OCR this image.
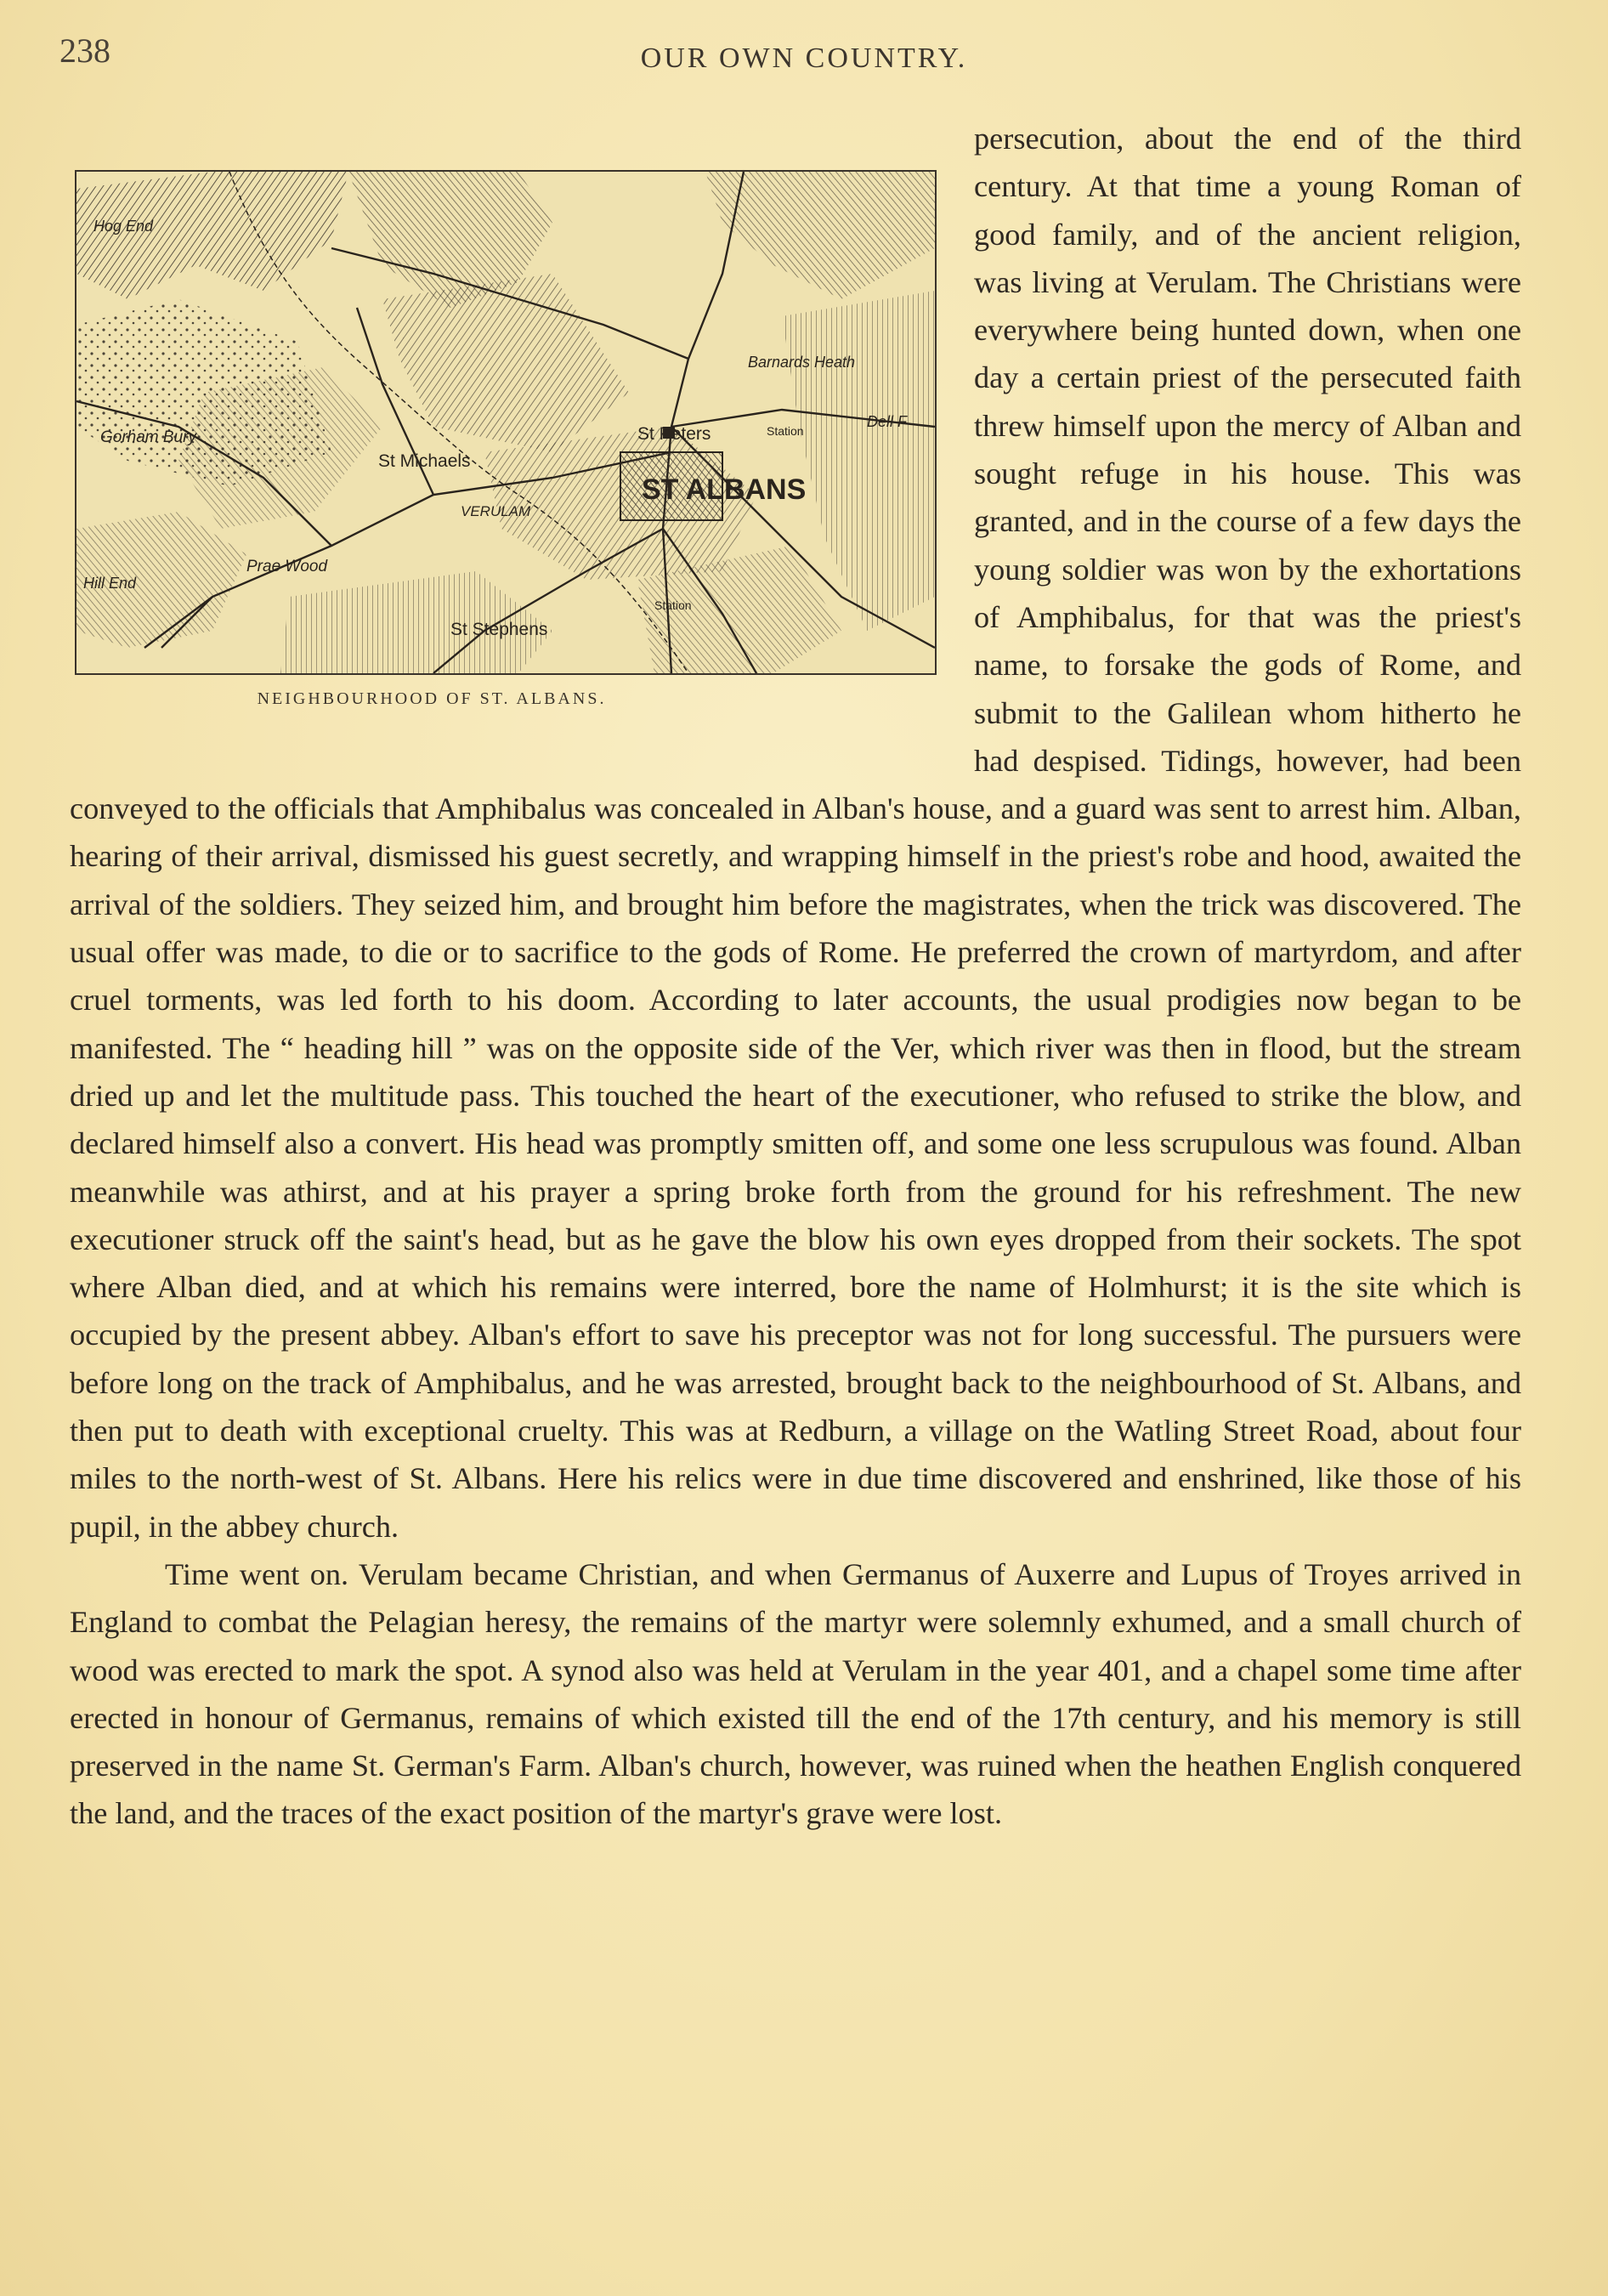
238	OUR OWN COUNTRY.
ST ALBANS
St Peters
St Michaels
St Stephens
VERULAM
Gorham Bury
Barnards Heath
Dell F
Station
Station
Hog End
Hill End
Prae Wood
NEIGHBOURHOOD OF ST. ALBANS.

persecution, about the end of the third century. At that time a young Roman of good family, and of the ancient religion, was living at Verulam. The Christians were everywhere being hunted down, when one day a certain priest of the persecuted faith threw himself upon the mercy of Alban and sought refuge in his house. This was granted, and in the course of a few days the young soldier was won by the exhortations of Amphibalus, for that was the priest's name, to forsake the gods of Rome, and submit to the Galilean whom hitherto he had despised. Tidings, however, had been conveyed to the officials that Amphibalus was concealed in Alban's house, and a guard was sent to arrest him. Alban, hearing of their arrival, dismissed his guest secretly, and wrapping himself in the priest's robe and hood, awaited the arrival of the soldiers. They seized him, and brought him before the magistrates, when the trick was discovered. The usual offer was made, to die or to sacrifice to the gods of Rome. He preferred the crown of martyrdom, and after cruel torments, was led forth to his doom. According to later accounts, the usual prodigies now began to be manifested. The “ heading hill ” was on the opposite side of the Ver, which river was then in flood, but the stream dried up and let the multitude pass. This touched the heart of the executioner, who refused to strike the blow, and declared himself also a convert. His head was promptly smitten off, and some one less scrupulous was found. Alban meanwhile was athirst, and at his prayer a spring broke forth from the ground for his refreshment. The new executioner struck off the saint's head, but as he gave the blow his own eyes dropped from their sockets. The spot where Alban died, and at which his remains were interred, bore the name of Holmhurst; it is the site which is occupied by the present abbey. Alban's effort to save his preceptor was not for long successful. The pursuers were before long on the track of Amphibalus, and he was arrested, brought back to the neighbourhood of St. Albans, and then put to death with exceptional cruelty. This was at Redburn, a village on the Watling Street Road, about four miles to the north-west of St. Albans. Here his relics were in due time discovered and enshrined, like those of his pupil, in the abbey church.

Time went on. Verulam became Christian, and when Germanus of Auxerre and Lupus of Troyes arrived in England to combat the Pelagian heresy, the remains of the martyr were solemnly exhumed, and a small church of wood was erected to mark the spot. A synod also was held at Verulam in the year 401, and a chapel some time after erected in honour of Germanus, remains of which existed till the end of the 17th century, and his memory is still preserved in the name St. German's Farm. Alban's church, however, was ruined when the heathen English conquered the land, and the traces of the exact position of the martyr's grave were lost.
